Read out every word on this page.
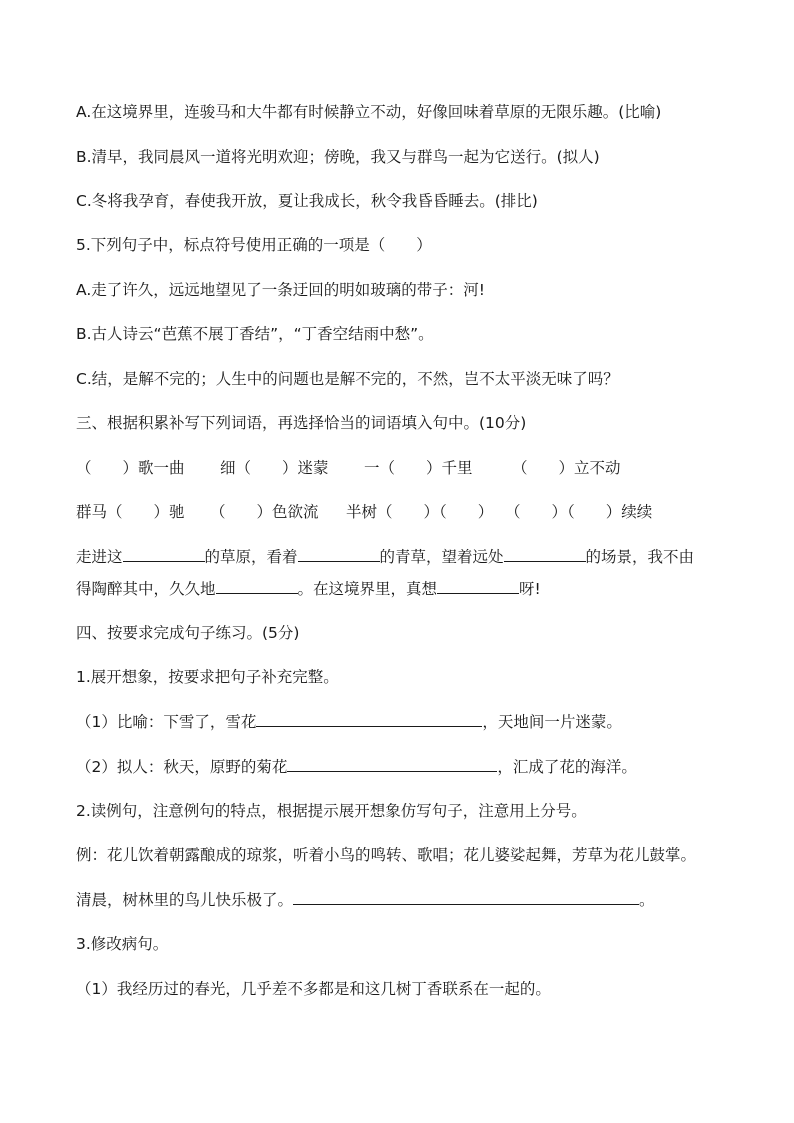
A.在这境界里，连骏马和大牛都有时候静立不动，好像回味着草原的无限乐趣。(比喻)
B.清早，我同晨风一道将光明欢迎；傍晚，我又与群鸟一起为它送行。(拟人)
C.冬将我孕育，春使我开放，夏让我成长，秋令我昏昏睡去。(排比)
5.下列句子中，标点符号使用正确的一项是（　　）
A.走了许久，远远地望见了一条迂回的明如玻璃的带子：河!
B.古人诗云“芭蕉不展丁香结”，“丁香空结雨中愁”。
C.结，是解不完的；人生中的问题也是解不完的，不然，岂不太平淡无味了吗？
三、根据积累补写下列词语，再选择恰当的词语填入句中。(10分)
（　　）歌一曲 细（　　）迷蒙 一（　　）千里	（　　）立不动
群马（　　）驰 （　　）色欲流 半树（　　）（　　） （　　）（　　）续续
走进这	的草原，看着	的青草，望着远处	的场景，我不由
得陶醉其中，久久地	。在这境界里，真想	呀!
四、按要求完成句子练习。(5分)
1.展开想象，按要求把句子补充完整。
（1）比喻：下雪了，雪花	，天地间一片迷蒙。
（2）拟人：秋天，原野的菊花	，汇成了花的海洋。
2.读例句，注意例句的特点，根据提示展开想象仿写句子，注意用上分号。
例：花儿饮着朝露酿成的琼浆，听着小鸟的鸣转、歌唱；花儿婆娑起舞，芳草为花儿鼓掌。
清晨，树林里的鸟儿快乐极了。	。
3.修改病句。
（1）我经历过的春光，几乎差不多都是和这几树丁香联系在一起的。
